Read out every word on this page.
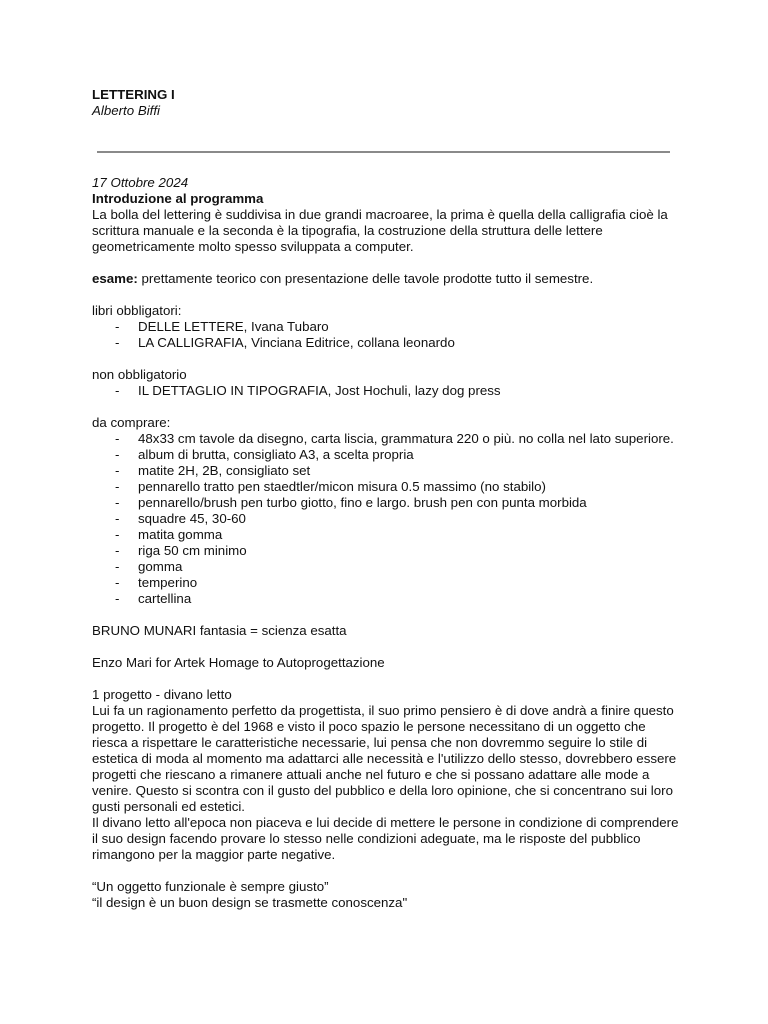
LETTERING I
Alberto Biffi
17 Ottobre 2024
Introduzione al programma

La bolla del lettering è suddivisa in due grandi macroaree, la prima è quella della calligrafia cioè la scrittura manuale e la seconda è la tipografia, la costruzione della struttura delle lettere geometricamente molto spesso sviluppata a computer.

esame: prettamente teorico con presentazione delle tavole prodotte tutto il semestre.

libri obbligatori:
- DELLE LETTERE, Ivana Tubaro
- LA CALLIGRAFIA, Vinciana Editrice, collana leonardo
non obbligatorio
- IL DETTAGLIO IN TIPOGRAFIA, Jost Hochuli, lazy dog press
da comprare:
- 48x33 cm tavole da disegno, carta liscia, grammatura 220 o più. no colla nel lato superiore.
- album di brutta, consigliato A3, a scelta propria
- matite 2H, 2B, consigliato set
- pennarello tratto pen staedtler/micon misura 0.5 massimo (no stabilo)
- pennarello/brush pen turbo giotto, fino e largo. brush pen con punta morbida
- squadre 45, 30-60
- matita gomma
- riga 50 cm minimo
- gomma
- temperino
- cartellina

BRUNO MUNARI fantasia = scienza esatta

Enzo Mari for Artek Homage to Autoprogettazione

1 progetto - divano letto

Lui fa un ragionamento perfetto da progettista, il suo primo pensiero è di dove andrà a finire questo progetto. Il progetto è del 1968 e visto il poco spazio le persone necessitano di un oggetto che riesca a rispettare le caratteristiche necessarie, lui pensa che non dovremmo seguire lo stile di estetica di moda al momento ma adattarci alle necessità e l'utilizzo dello stesso, dovrebbero essere progetti che riescano a rimanere attuali anche nel futuro e che si possano adattare alle mode a venire. Questo si scontra con il gusto del pubblico e della loro opinione, che si concentrano sui loro gusti personali ed estetici.

Il divano letto all'epoca non piaceva e lui decide di mettere le persone in condizione di comprendere il suo design facendo provare lo stesso nelle condizioni adeguate, ma le risposte del pubblico rimangono per la maggior parte negative.

“Un oggetto funzionale è sempre giusto”

“il design è un buon design se trasmette conoscenza"
